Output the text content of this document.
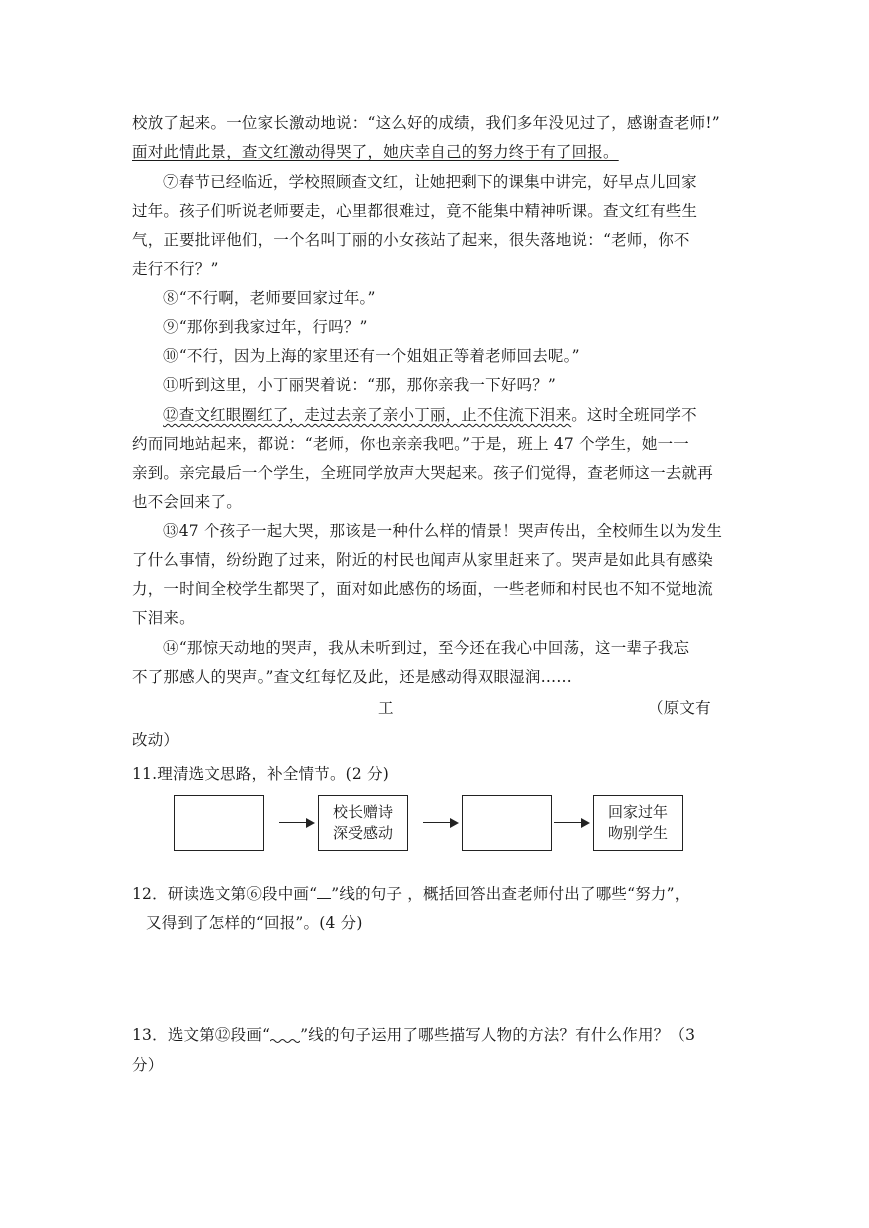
校放了起来。一位家长激动地说：“这么好的成绩，我们多年没见过了，感谢查老师!”
面对此情此景，查文红激动得哭了，她庆幸自己的努力终于有了回报。
⑦春节已经临近，学校照顾查文红，让她把剩下的课集中讲完，好早点儿回家
过年。孩子们听说老师要走，心里都很难过，竟不能集中精神听课。查文红有些生
气，正要批评他们，一个名叫丁丽的小女孩站了起来，很失落地说：“老师，你不
走行不行？”
⑧“不行啊，老师要回家过年。”
⑨“那你到我家过年，行吗？”
⑩“不行，因为上海的家里还有一个姐姐正等着老师回去呢。”
⑪听到这里，小丁丽哭着说：“那，那你亲我一下好吗？”
⑫查文红眼圈红了，走过去亲了亲小丁丽，止不住流下泪来。这时全班同学不
约而同地站起来，都说：“老师，你也亲亲我吧。”于是，班上 47 个学生，她一一
亲到。亲完最后一个学生，全班同学放声大哭起来。孩子们觉得，查老师这一去就再
也不会回来了。
⑬47 个孩子一起大哭，那该是一种什么样的情景！哭声传出，全校师生以为发生
了什么事情，纷纷跑了过来，附近的村民也闻声从家里赶来了。哭声是如此具有感染
力，一时间全校学生都哭了，面对如此感伤的场面，一些老师和村民也不知不觉地流
下泪来。
⑭“那惊天动地的哭声，我从未听到过，至今还在我心中回荡，这一辈子我忘
不了那感人的哭声。”查文红每忆及此，还是感动得双眼湿润……
工	（原文有
改动）
11.理清选文思路，补全情节。(2 分)
校长赠诗
深受感动
回家过年
吻别学生
12．研读选文第⑥段中画“ ”线的句子 ，概括回答出查老师付出了哪些“努力”，
又得到了怎样的“回报”。(4 分)
13．选文第⑫段画“ ”线的句子运用了哪些描写人物的方法？有什么作用？（3
分）
